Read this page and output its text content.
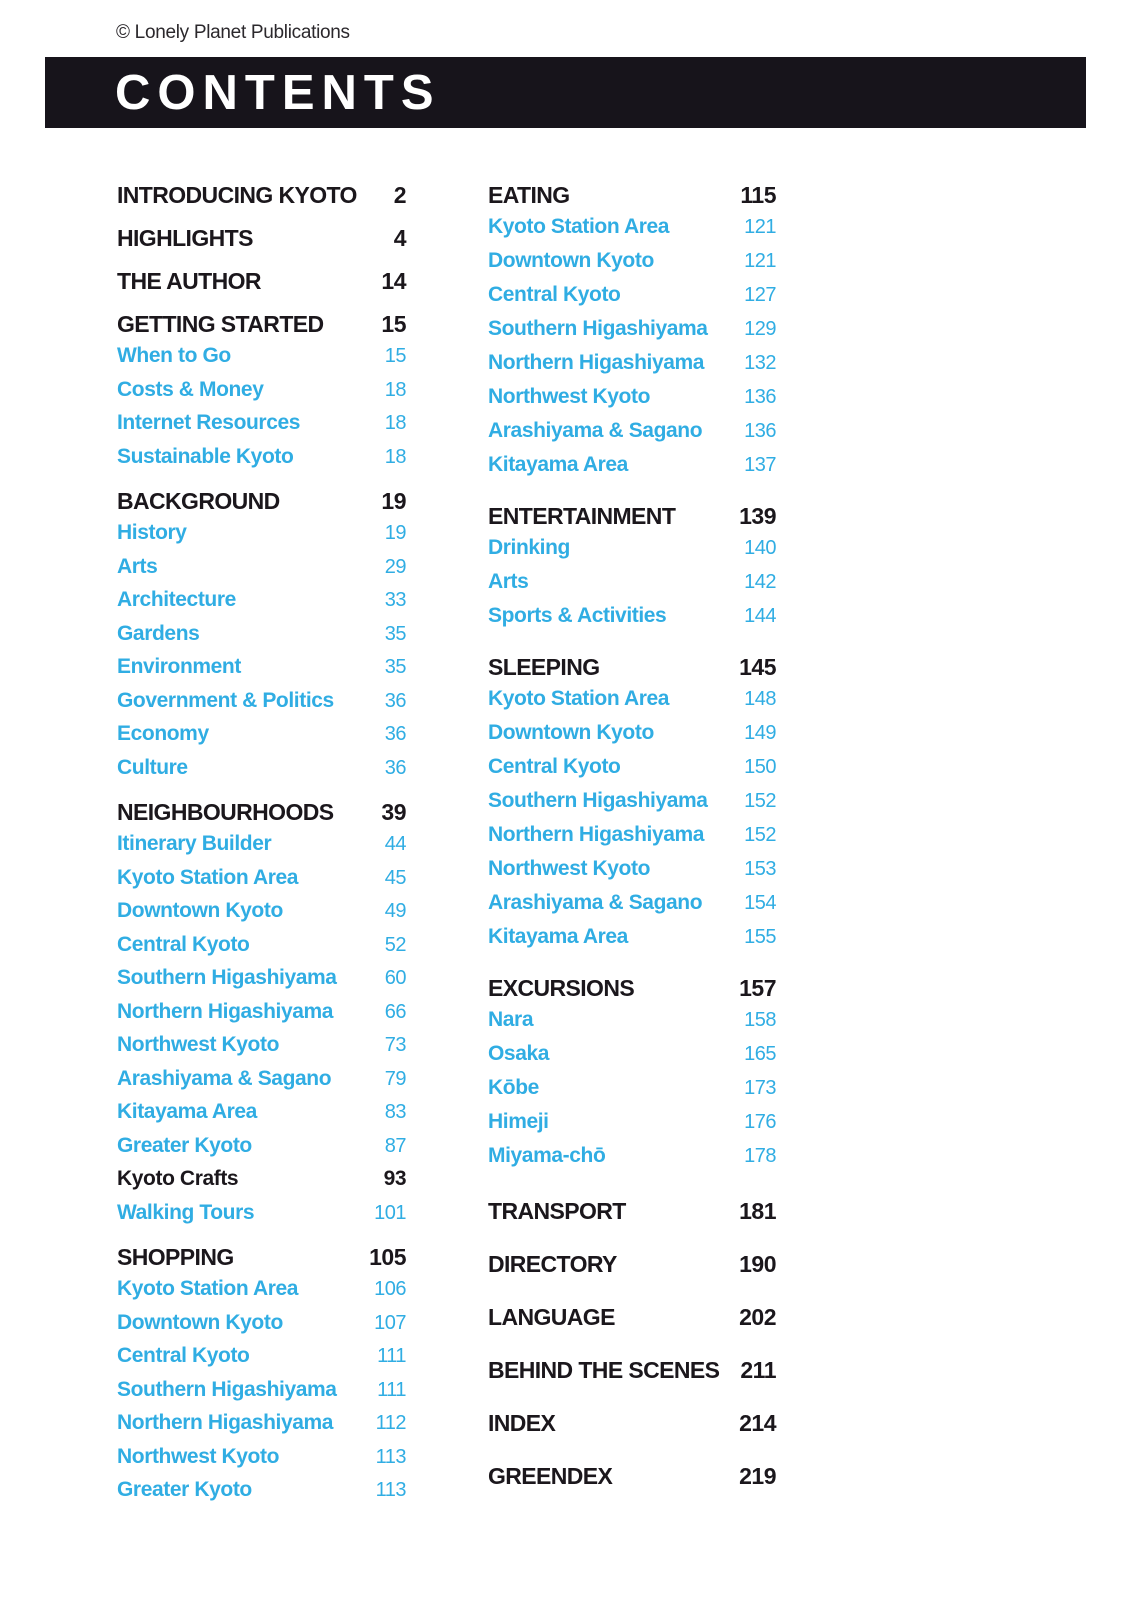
© Lonely Planet Publications
CONTENTS
INTRODUCING KYOTO 2
HIGHLIGHTS	4
THE AUTHOR	14
GETTING STARTED	15
When to Go	15
Costs & Money	18
Internet Resources	18
Sustainable Kyoto	18
BACKGROUND	19
History	19
Arts	29
Architecture	33
Gardens	35
Environment	35
Government & Politics	36
Economy	36
Culture	36
NEIGHBOURHOODS 39
Itinerary Builder	44
Kyoto Station Area	45
Downtown Kyoto	49
Central Kyoto	52
Southern Higashiyama 60
Northern Higashiyama	66
Northwest Kyoto	73
Arashiyama & Sagano	79
Kitayama Area	83
Greater Kyoto	87
Kyoto Crafts	93
Walking Tours	101
SHOPPING	105
Kyoto Station Area	106
Downtown Kyoto	107
Central Kyoto	111
Southern Higashiyama 111
Northern Higashiyama 112
Northwest Kyoto	113
Greater Kyoto	113
EATING	115
Kyoto Station Area	121
Downtown Kyoto	121
Central Kyoto	127
Southern Higashiyama 129
Northern Higashiyama 132
Northwest Kyoto	136
Arashiyama & Sagano 136
Kitayama Area	137
ENTERTAINMENT	139
Drinking	140
Arts	142
Sports & Activities	144
SLEEPING	145
Kyoto Station Area	148
Downtown Kyoto	149
Central Kyoto	150
Southern Higashiyama 152
Northern Higashiyama 152
Northwest Kyoto	153
Arashiyama & Sagano 154
Kitayama Area	155
EXCURSIONS	157
Nara	158
Osaka	165
Kōbe	173
Himeji	176
Miyama-chō	178
TRANSPORT	181
DIRECTORY	190
LANGUAGE	202
BEHIND THE SCENES 211
INDEX	214
GREENDEX	219
